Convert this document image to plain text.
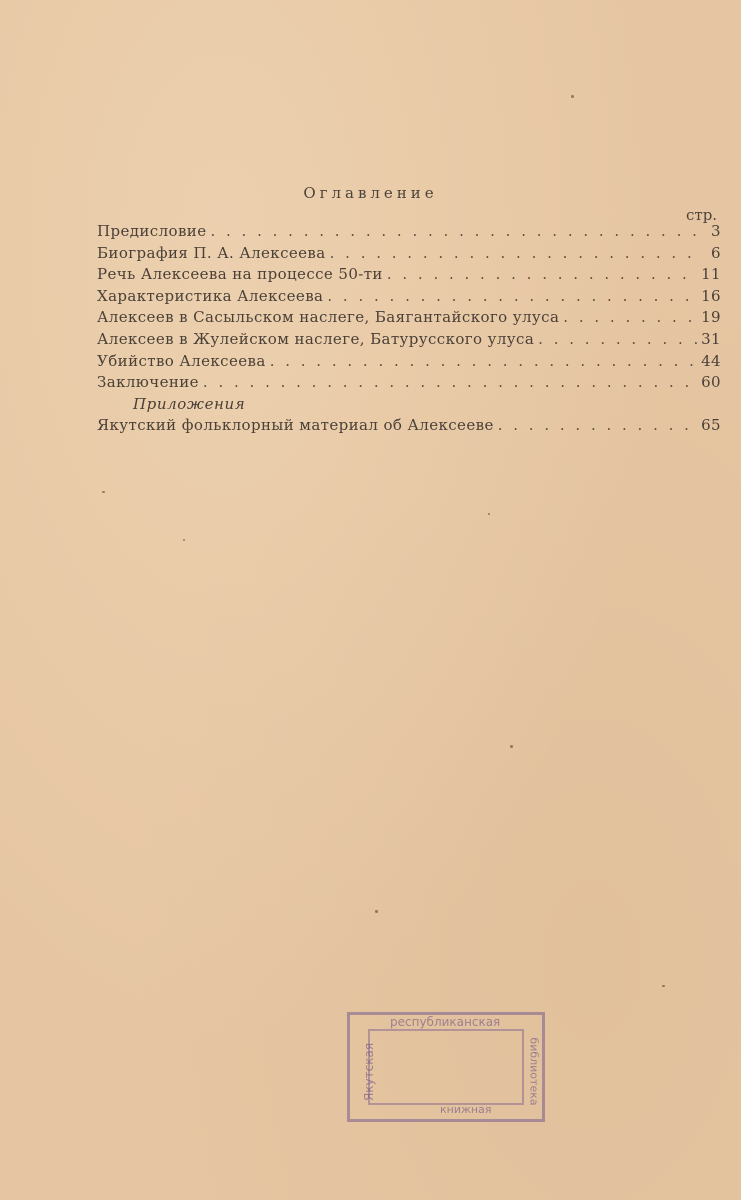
Оглавление
стр.
Предисловие . . .	3
Биография П. А. Алексеева . . .	6
Речь Алексеева на процессе 50-ти . . .	11
Характеристика Алексеева . . .	16
Алексеев в Сасыльском наслеге, Баягантайского улуса . . .	19
Алексеев в Жулейском наслеге, Батурусского улуса . . .	31
Убийство Алексеева . . .	44
Заключение . . .	60
Приложения
Якутский фольклорный материал об Алексееве . . .	65
республиканская
Якутская	библиотека
книжная
